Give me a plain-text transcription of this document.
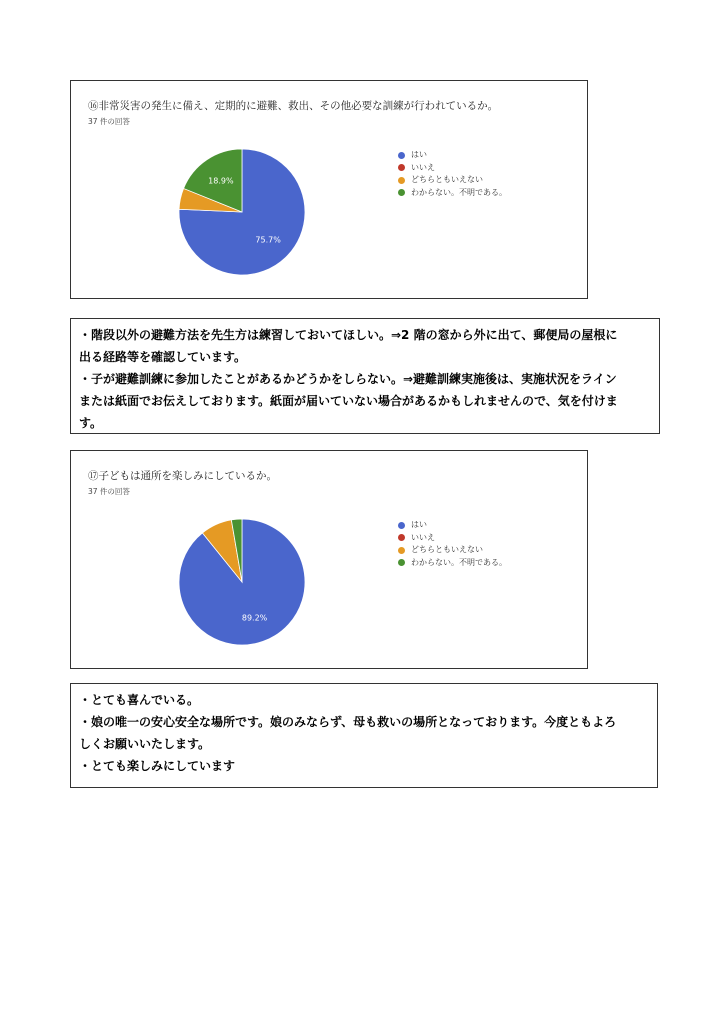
⑯非常災害の発生に備え、定期的に避難、救出、その他必要な訓練が行われているか。
37 件の回答
75.7%
18.9%
はい
いいえ
どちらともいえない
わからない。不明である。

・階段以外の避難方法を先生方は練習しておいてほしい。⇒2 階の窓から外に出て、郵便局の屋根に

出る経路等を確認しています。

・子が避難訓練に参加したことがあるかどうかをしらない。⇒避難訓練実施後は、実施状況をライン

または紙面でお伝えしております。紙面が届いていない場合があるかもしれませんので、気を付けま

す。

⑰子どもは通所を楽しみにしているか。
37 件の回答
89.2%
はい
いいえ
どちらともいえない
わからない。不明である。

・とても喜んでいる。

・娘の唯一の安心安全な場所です。娘のみならず、母も救いの場所となっております。今度ともよろ

しくお願いいたします。

・とても楽しみにしています
